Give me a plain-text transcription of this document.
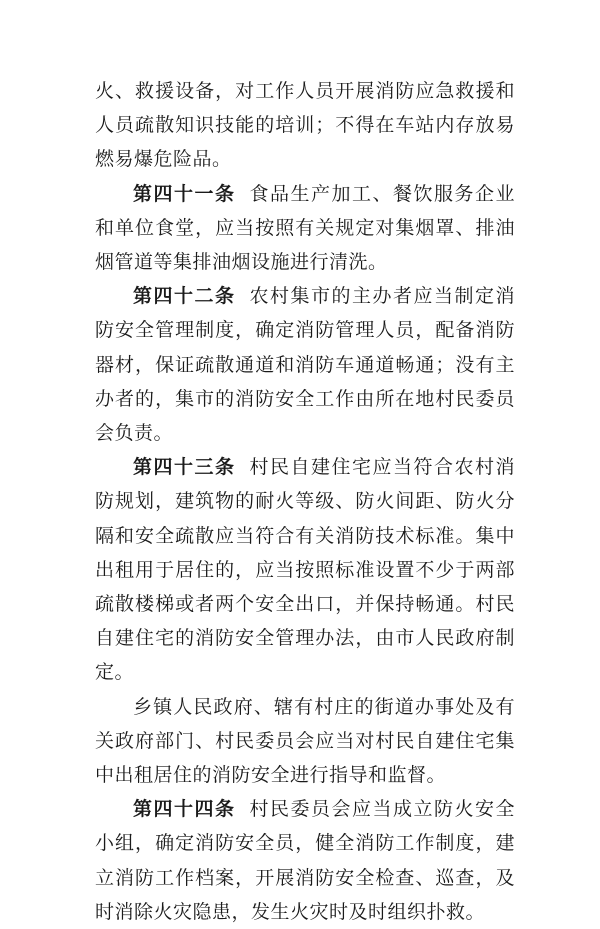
火、救援设备，对工作人员开展消防应急救援和人员疏散知识技能的培训；不得在车站内存放易燃易爆危险品。

第四十一条 食品生产加工、餐饮服务企业和单位食堂，应当按照有关规定对集烟罩、排油烟管道等集排油烟设施进行清洗。

第四十二条 农村集市的主办者应当制定消防安全管理制度，确定消防管理人员，配备消防器材，保证疏散通道和消防车通道畅通；没有主办者的，集市的消防安全工作由所在地村民委员会负责。

第四十三条 村民自建住宅应当符合农村消防规划，建筑物的耐火等级、防火间距、防火分隔和安全疏散应当符合有关消防技术标准。集中出租用于居住的，应当按照标准设置不少于两部疏散楼梯或者两个安全出口，并保持畅通。村民自建住宅的消防安全管理办法，由市人民政府制定。

乡镇人民政府、辖有村庄的街道办事处及有关政府部门、村民委员会应当对村民自建住宅集中出租居住的消防安全进行指导和监督。

第四十四条 村民委员会应当成立防火安全小组，确定消防安全员，健全消防工作制度，建立消防工作档案，开展消防安全检查、巡查，及时消除火灾隐患，发生火灾时及时组织扑救。
